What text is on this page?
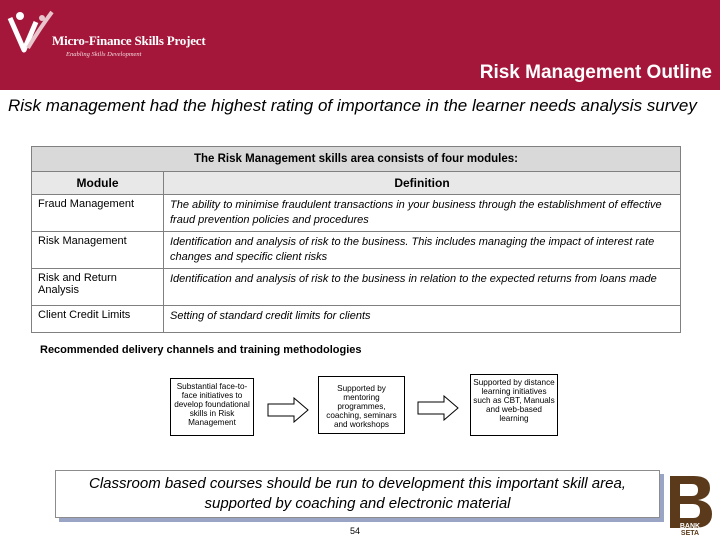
Micro-Finance Skills Project
Enabling Skills Development
Risk Management Outline
Risk management had the highest rating of importance in the learner needs analysis survey
The Risk Management skills area consists of four modules:	
Module	Definition
Fraud Management	The ability to minimise fraudulent transactions in your business through the establishment of effective fraud prevention policies and procedures
Risk Management	Identification and analysis of risk to the business. This includes managing the impact of interest rate changes and specific client risks
Risk and Return Analysis	Identification and analysis of risk to the business in relation to the expected returns from loans made
Client Credit Limits	Setting of standard credit limits for clients
Recommended delivery channels and training methodologies
Substantial face-to-face initiatives to develop foundational skills in Risk Management
Supported by mentoring programmes, coaching, seminars and workshops
Supported by distance learning initiatives such as CBT, Manuals and web-based learning
Classroom based courses should be run to development this important skill area, supported by coaching and electronic material
54	BANK
SETA
